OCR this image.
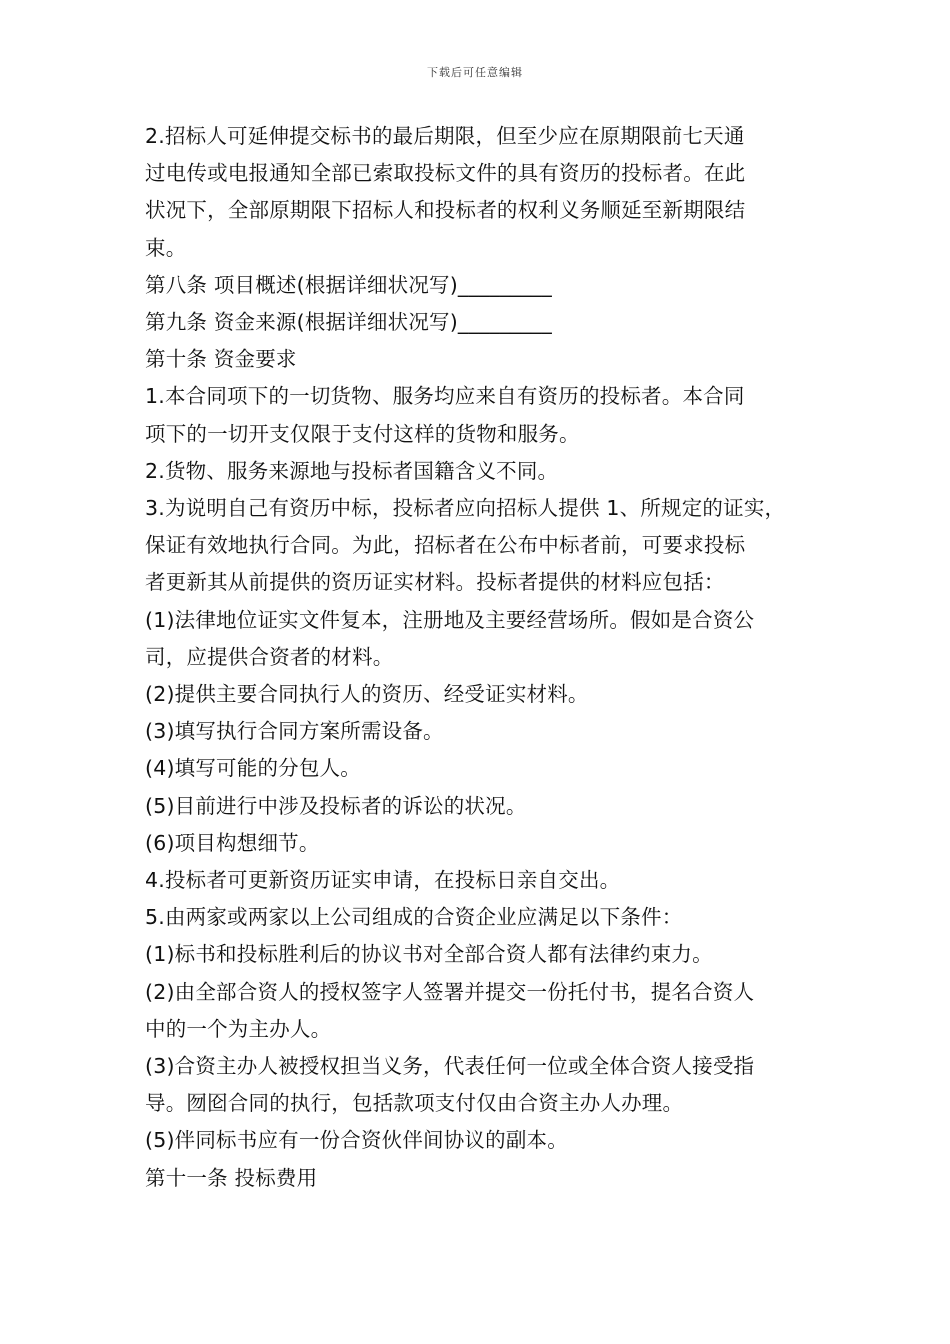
下载后可任意编辑
2.招标人可延伸提交标书的最后期限，但至少应在原期限前七天通
过电传或电报通知全部已索取投标文件的具有资历的投标者。在此
状况下，全部原期限下招标人和投标者的权利义务顺延至新期限结
束。
第八条 项目概述(根据详细状况写)_________
第九条 资金来源(根据详细状况写)_________
第十条 资金要求
1.本合同项下的一切货物、服务均应来自有资历的投标者。本合同
项下的一切开支仅限于支付这样的货物和服务。
2.货物、服务来源地与投标者国籍含义不同。
3.为说明自己有资历中标，投标者应向招标人提供 1、所规定的证实，
保证有效地执行合同。为此，招标者在公布中标者前，可要求投标
者更新其从前提供的资历证实材料。投标者提供的材料应包括：
(1)法律地位证实文件复本，注册地及主要经营场所。假如是合资公
司，应提供合资者的材料。
(2)提供主要合同执行人的资历、经受证实材料。
(3)填写执行合同方案所需设备。
(4)填写可能的分包人。
(5)目前进行中涉及投标者的诉讼的状况。
(6)项目构想细节。
4.投标者可更新资历证实申请，在投标日亲自交出。
5.由两家或两家以上公司组成的合资企业应满足以下条件：
(1)标书和投标胜利后的协议书对全部合资人都有法律约束力。
(2)由全部合资人的授权签字人签署并提交一份托付书，提名合资人
中的一个为主办人。
(3)合资主办人被授权担当义务，代表任何一位或全体合资人接受指
导。囫囵合同的执行，包括款项支付仅由合资主办人办理。
(5)伴同标书应有一份合资伙伴间协议的副本。
第十一条 投标费用
